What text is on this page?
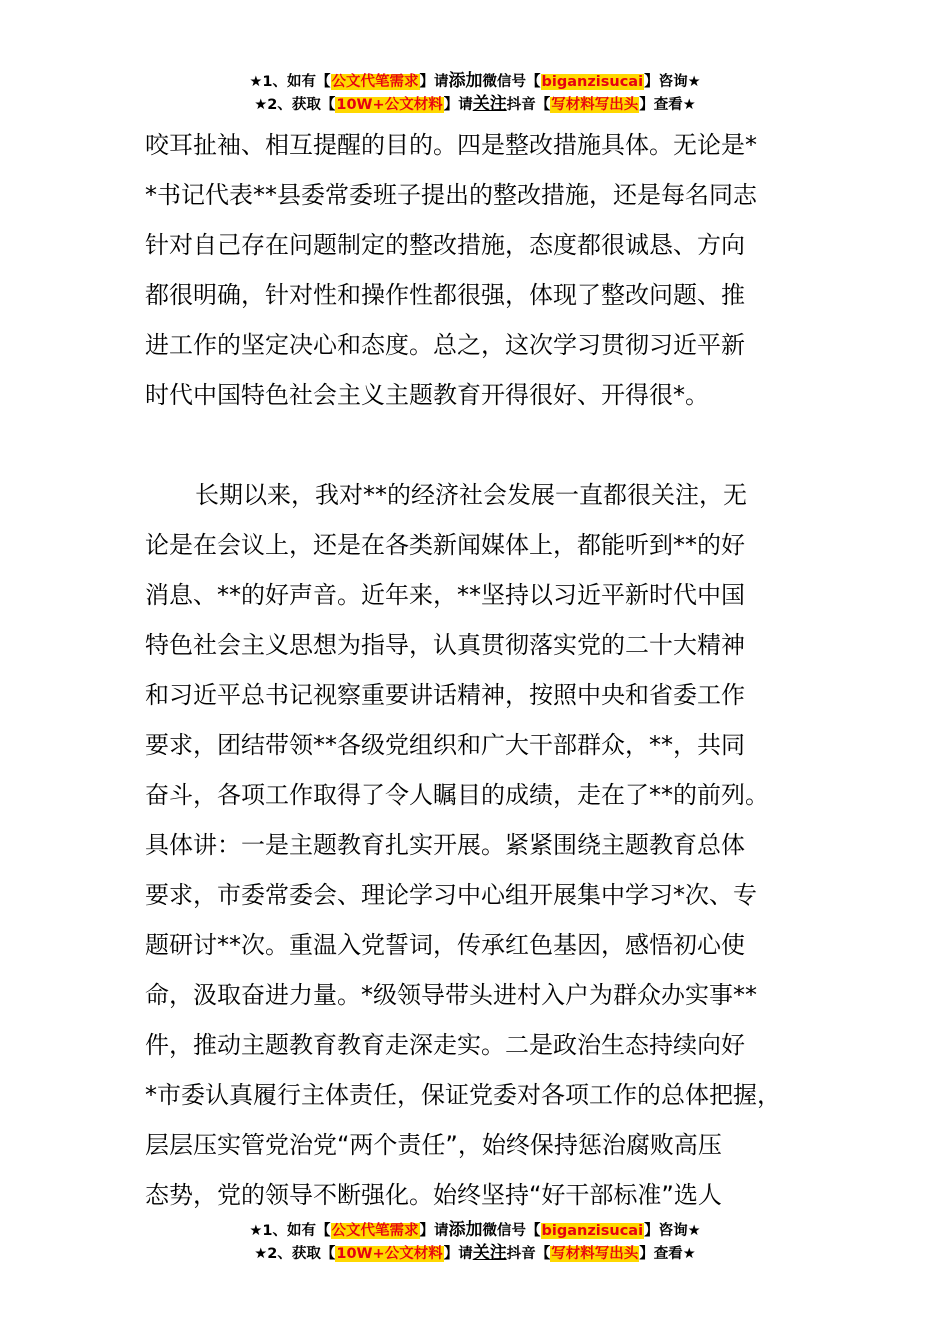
★1、如有【公文代笔需求】请添加微信号【biganzisucai】咨询★
★2、获取【10W+公文材料】请关注抖音【写材料写出头】查看★
咬耳扯袖、相互提醒的目的。四是整改措施具体。无论是*
*书记代表**县委常委班子提出的整改措施，还是每名同志
针对自己存在问题制定的整改措施，态度都很诚恳、方向
都很明确，针对性和操作性都很强，体现了整改问题、推
进工作的坚定决心和态度。总之，这次学习贯彻习近平新
时代中国特色社会主义主题教育开得很好、开得很*。
长期以来，我对**的经济社会发展一直都很关注，无
论是在会议上，还是在各类新闻媒体上，都能听到**的好
消息、**的好声音。近年来，**坚持以习近平新时代中国
特色社会主义思想为指导，认真贯彻落实党的二十大精神
和习近平总书记视察重要讲话精神，按照中央和省委工作
要求，团结带领**各级党组织和广大干部群众，**，共同
奋斗，各项工作取得了令人瞩目的成绩，走在了**的前列。
具体讲：一是主题教育扎实开展。紧紧围绕主题教育总体
要求，市委常委会、理论学习中心组开展集中学习*次、专
题研讨**次。重温入党誓词，传承红色基因，感悟初心使
命，汲取奋进力量。*级领导带头进村入户为群众办实事**
件，推动主题教育教育走深走实。二是政治生态持续向好
*市委认真履行主体责任，保证党委对各项工作的总体把握，
层层压实管党治党“两个责任”，始终保持惩治腐败高压
态势，党的领导不断强化。始终坚持“好干部标准”选人
★1、如有【公文代笔需求】请添加微信号【biganzisucai】咨询★
★2、获取【10W+公文材料】请关注抖音【写材料写出头】查看★
